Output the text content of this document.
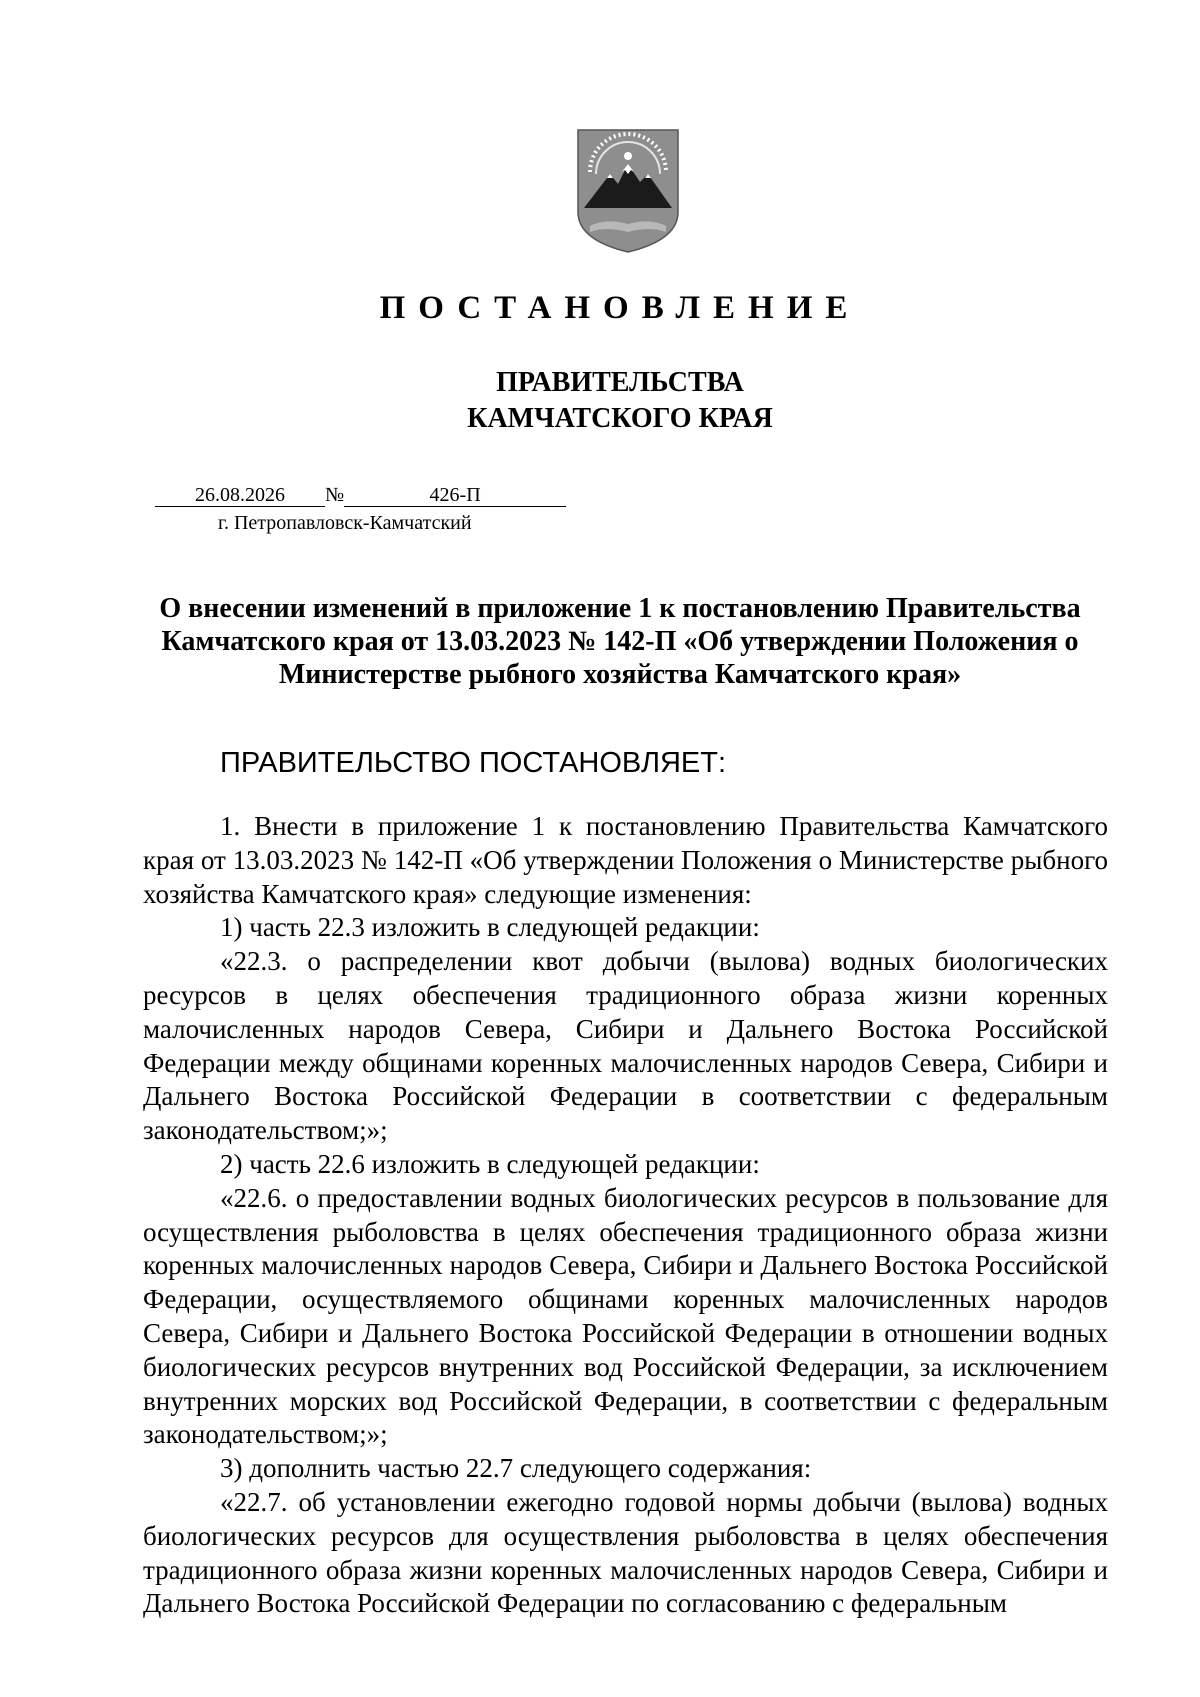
ПОСТАНОВЛЕНИЕ
ПРАВИТЕЛЬСТВА
КАМЧАТСКОГО КРАЯ
26.08.2026 №	426-П
г. Петропавловск-Камчатский
О внесении изменений в приложение 1 к постановлению Правительства
Камчатского края от 13.03.2023 № 142-П «Об утверждении Положения о
Министерстве рыбного хозяйства Камчатского края»
ПРАВИТЕЛЬСТВО ПОСТАНОВЛЯЕТ:

1. Внести в приложение 1 к постановлению Правительства Камчатского края от 13.03.2023 № 142-П «Об утверждении Положения о Министерстве рыбного хозяйства Камчатского края» следующие изменения:

1) часть 22.3 изложить в следующей редакции:

«22.3. о распределении квот добычи (вылова) водных биологических ресурсов в целях обеспечения традиционного образа жизни коренных малочисленных народов Севера, Сибири и Дальнего Востока Российской Федерации между общинами коренных малочисленных народов Севера, Сибири и Дальнего Востока Российской Федерации в соответствии с федеральным законодательством;»;

2) часть 22.6 изложить в следующей редакции:

«22.6. о предоставлении водных биологических ресурсов в пользование для осуществления рыболовства в целях обеспечения традиционного образа жизни коренных малочисленных народов Севера, Сибири и Дальнего Востока Российской Федерации, осуществляемого общинами коренных малочисленных народов Севера, Сибири и Дальнего Востока Российской Федерации в отношении водных биологических ресурсов внутренних вод Российской Федерации, за исключением внутренних морских вод Российской Федерации, в соответствии с федеральным законодательством;»;

3) дополнить частью 22.7 следующего содержания:

«22.7. об установлении ежегодно годовой нормы добычи (вылова) водных биологических ресурсов для осуществления рыболовства в целях обеспечения традиционного образа жизни коренных малочисленных народов Севера, Сибири и Дальнего Востока Российской Федерации по согласованию с федеральным
